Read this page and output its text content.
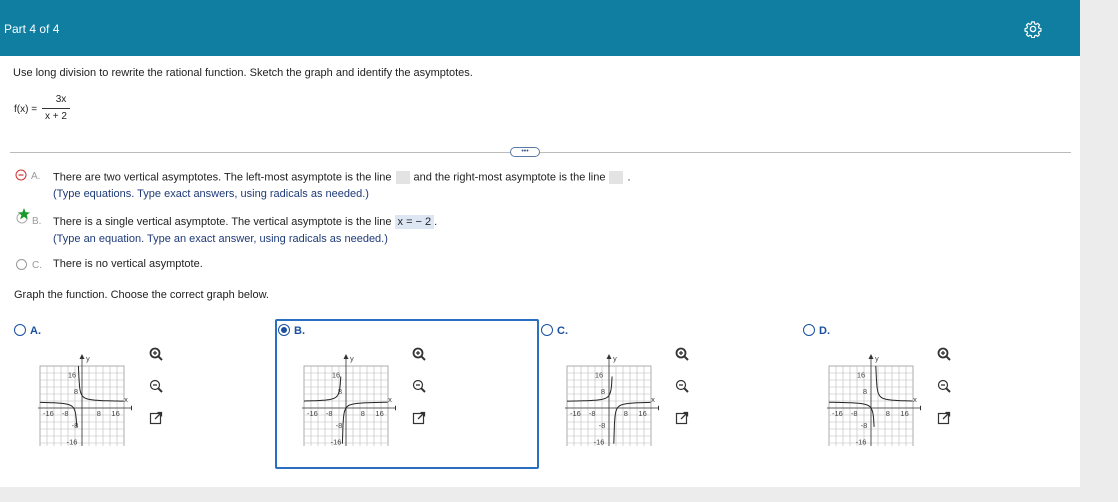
Part 4 of 4
Use long division to rewrite the rational function. Sketch the graph and identify the asymptotes.
f(x) =
3x
x + 2
•••
A. There are two vertical asymptotes. The left-most asymptote is the line and the right-most asymptote is the line .
(Type equations. Type exact answers, using radicals as needed.)
B. There is a single vertical asymptote. The vertical asymptote is the line x = − 2 .
(Type an equation. Type an exact answer, using radicals as needed.)
C. There is no vertical asymptote.
Graph the function. Choose the correct graph below.
A.
y
x
16
8
-8
-16
-16 -8	8 16
B.
y
x
16
8
-8
-16
-16 -8	8 16
C.
y
x
16
8
-8
-16
-16 -8	8 16
D.
y
x
16
8
-8
-16
-16 -8	8 16
